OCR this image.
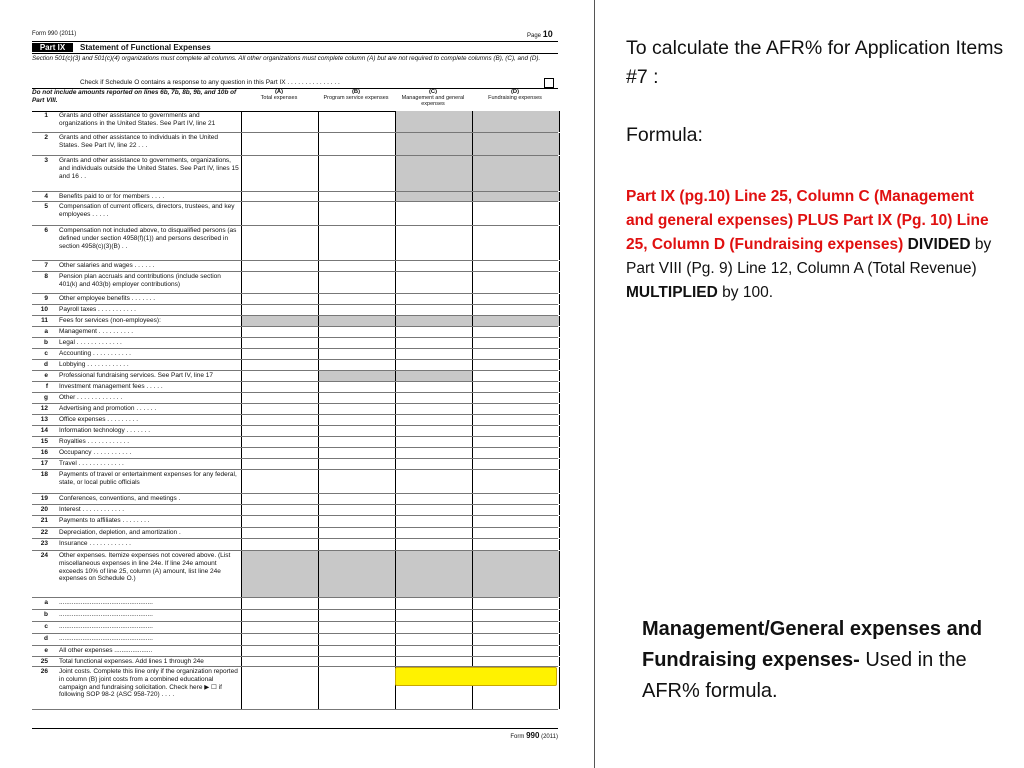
Form 990 (2011)	Page 10
Part IX	Statement of Functional Expenses
Section 501(c)(3) and 501(c)(4) organizations must complete all columns. All other organizations must complete column (A) but are not required to complete columns (B), (C), and (D).
Check if Schedule O contains a response to any question in this Part IX . . . . . . . . . . . . . . .
Do not include amounts reported on lines 6b, 7b, 8b, 9b, and 10b of Part VIII.
(A)
Total expenses
(B)
Program service expenses
(C)
Management and general expenses
(D)
Fundraising expenses
1 Grants and other assistance to governments and organizations in the United States. See Part IV, line 21
2 Grants and other assistance to individuals in the United States. See Part IV, line 22 . . .
3 Grants and other assistance to governments, organizations, and individuals outside the United States. See Part IV, lines 15 and 16 . .
4 Benefits paid to or for members . . . .
5 Compensation of current officers, directors, trustees, and key employees . . . . .
6 Compensation not included above, to disqualified persons (as defined under section 4958(f)(1)) and persons described in section 4958(c)(3)(B) . .
7 Other salaries and wages . . . . . .
8 Pension plan accruals and contributions (include section 401(k) and 403(b) employer contributions)
9 Other employee benefits . . . . . . .
10 Payroll taxes . . . . . . . . . . .
11 Fees for services (non-employees):
a Management . . . . . . . . . .
b Legal . . . . . . . . . . . . .
c Accounting . . . . . . . . . . .
d Lobbying . . . . . . . . . . . .
e Professional fundraising services. See Part IV, line 17
f Investment management fees . . . . .
g Other . . . . . . . . . . . . .
12 Advertising and promotion . . . . . .
13 Office expenses . . . . . . . . .
14 Information technology . . . . . . .
15 Royalties . . . . . . . . . . . .
16 Occupancy . . . . . . . . . . .
17 Travel . . . . . . . . . . . . .
18 Payments of travel or entertainment expenses for any federal, state, or local public officials
19 Conferences, conventions, and meetings .
20 Interest . . . . . . . . . . . .
21 Payments to affiliates . . . . . . . .
22 Depreciation, depletion, and amortization .
23 Insurance . . . . . . . . . . . .
24 Other expenses. Itemize expenses not covered above. (List miscellaneous expenses in line 24e. If line 24e amount exceeds 10% of line 25, column (A) amount, list line 24e expenses on Schedule O.)
a ....................................................
b ....................................................
c ....................................................
d ....................................................
e All other expenses .....................
25 Total functional expenses. Add lines 1 through 24e
26 Joint costs. Complete this line only if the organization reported in column (B) joint costs from a combined educational campaign and fundraising solicitation. Check here ▶ ☐ if following SOP 98-2 (ASC 958-720) . . . .
Form 990 (2011)
To calculate the AFR% for Application Items #7 :
Formula:
Part IX (pg.10) Line 25, Column C (Management and general expenses) PLUS Part IX (Pg. 10) Line 25, Column D (Fundraising expenses) DIVIDED by Part VIII (Pg. 9) Line 12, Column A (Total Revenue) MULTIPLIED by 100.
Management/General expenses and Fundraising expenses- Used in the AFR% formula.
